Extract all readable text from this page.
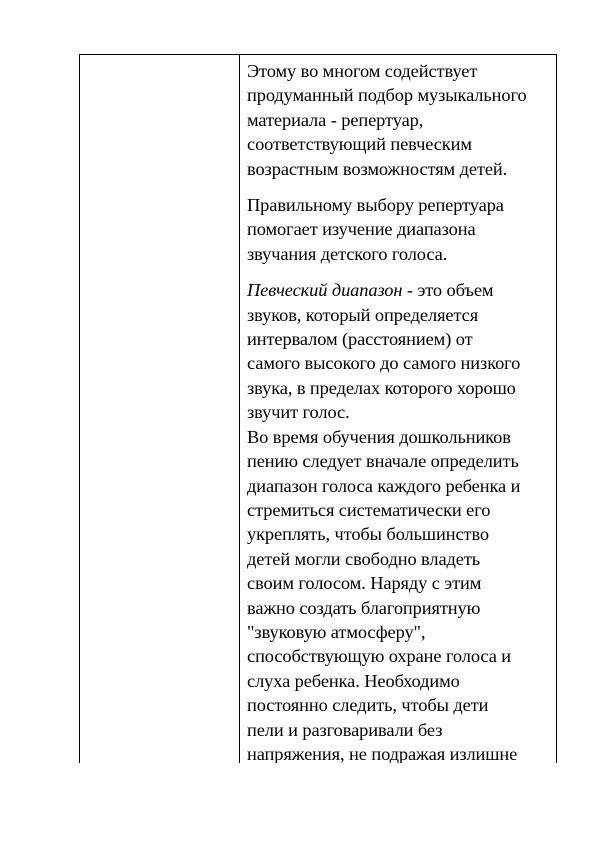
Этому во многом содействует
продуманный подбор музыкального
материала - репертуар,
соответствующий певческим
возрастным возможностям детей.

Правильному выбору репертуара
помогает изучение диапазона
звучания детского голоса.

Певческий диапазон - это объем
звуков, который определяется
интервалом (расстоянием) от
самого высокого до самого низкого
звука, в пределах которого хорошо
звучит голос.

Во время обучения дошкольников
пению следует вначале определить
диапазон голоса каждого ребенка и
стремиться систематически его
укреплять, чтобы большинство
детей могли свободно владеть
своим голосом. Наряду с этим
важно создать благоприятную
"звуковую атмосферу",
способствующую охране голоса и
слуха ребенка. Необходимо
постоянно следить, чтобы дети
пели и разговаривали без
напряжения, не подражая излишне
